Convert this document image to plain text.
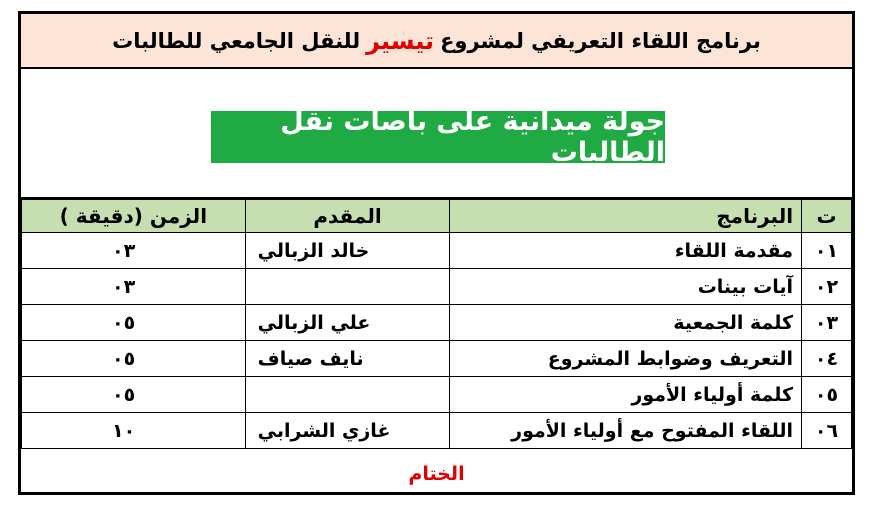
برنامج اللقاء التعريفي لمشروع
تيسير
للنقل الجامعي للطالبات
جولة ميدانية على باصات نقل الطالبات
ت	البرنامج	المقدم	الزمن (دقيقة )
٠١	مقدمة اللقاء	خالد الزبالي	٠٣
٠٢	آيات بينات		٠٣
٠٣	كلمة الجمعية	علي الزبالي	٠٥
٠٤	التعريف وضوابط المشروع	نايف صياف	٠٥
٠٥	كلمة أولياء الأمور		٠٥
٠٦	اللقاء المفتوح مع أولياء الأمور	غازي الشرابي	١٠
الختام
